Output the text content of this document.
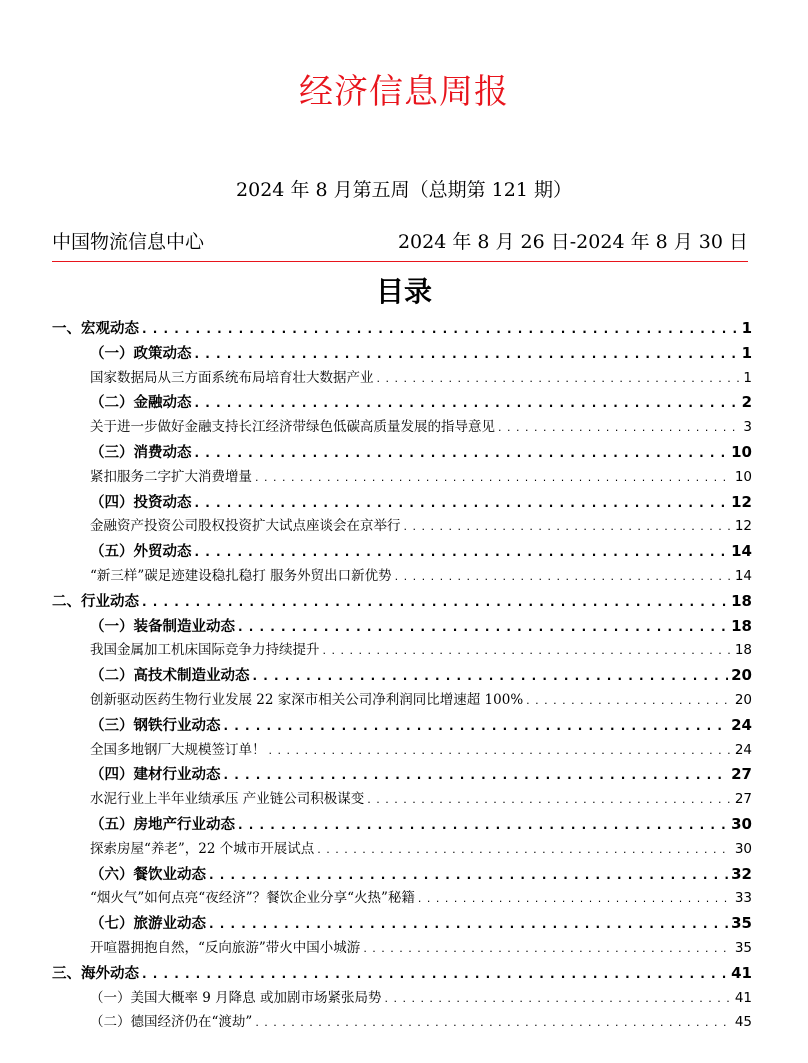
经济信息周报
2024 年 8 月第五周（总期第 121 期）
中国物流信息中心	2024 年 8 月 26 日-2024 年 8 月 30 日
目录
一、宏观动态 . . .	1
（一）政策动态 . . .	1
国家数据局从三方面系统布局培育壮大数据产业 . . .	1
（二）金融动态 . . .	2
关于进一步做好金融支持长江经济带绿色低碳高质量发展的指导意见 . . .	3
（三）消费动态 . . .	10
紧扣服务二字扩大消费增量 . . .	10
（四）投资动态 . . .	12
金融资产投资公司股权投资扩大试点座谈会在京举行 . . .	12
（五）外贸动态 . . .	14
“新三样”碳足迹建设稳扎稳打 服务外贸出口新优势 . . .	14
二、行业动态 . . .	18
（一）装备制造业动态 . . .	18
我国金属加工机床国际竞争力持续提升 . . .	18
（二）高技术制造业动态 . . .	20
创新驱动医药生物行业发展 22 家深市相关公司净利润同比增速超 100% . . .	20
（三）钢铁行业动态 . . .	24
全国多地钢厂大规模签订单！ . . .	24
（四）建材行业动态 . . .	27
水泥行业上半年业绩承压 产业链公司积极谋变 . . .	27
（五）房地产行业动态 . . .	30
探索房屋“养老”，22 个城市开展试点 . . .	30
（六）餐饮业动态 . . .	32
“烟火气”如何点亮“夜经济”？餐饮企业分享“火热”秘籍 . . .	33
（七）旅游业动态 . . .	35
开喧嚣拥抱自然，“反向旅游”带火中国小城游 . . .	35
三、海外动态 . . .	41
（一）美国大概率 9 月降息 或加剧市场紧张局势 . . .	41
（二）德国经济仍在“渡劫” . . .	45
